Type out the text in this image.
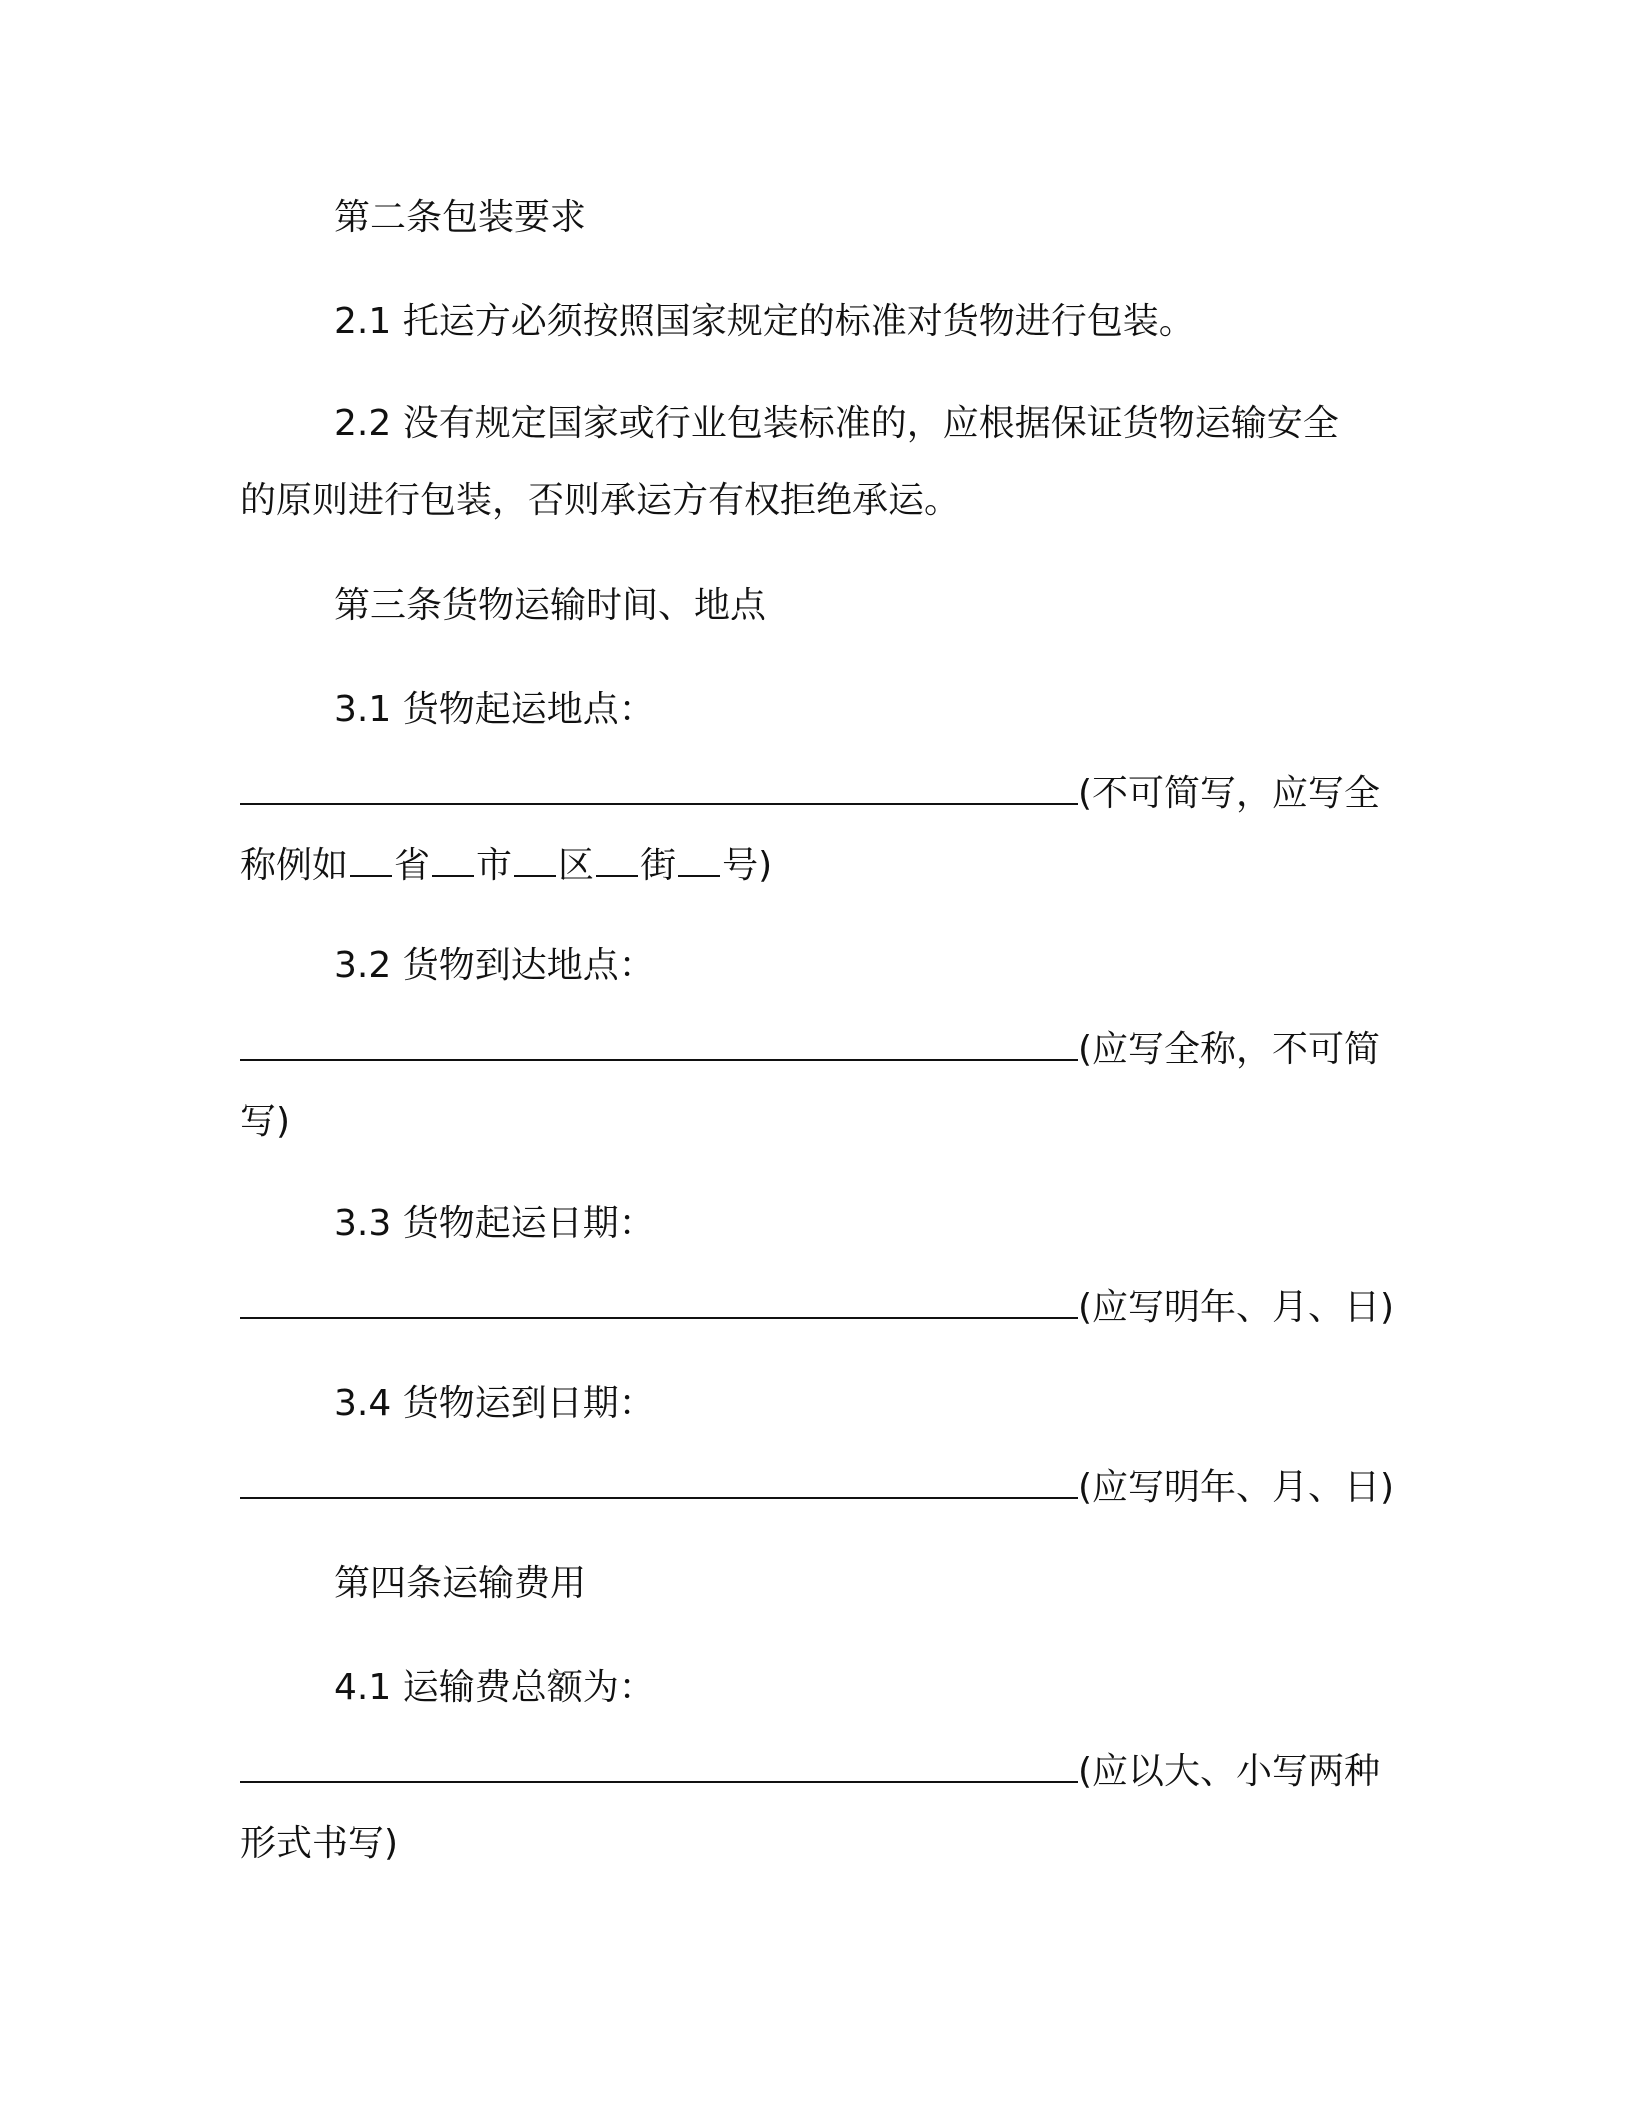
第二条包装要求
2.1 托运方必须按照国家规定的标准对货物进行包装。
2.2 没有规定国家或行业包装标准的，应根据保证货物运输安全
的原则进行包装，否则承运方有权拒绝承运。
第三条货物运输时间、地点
3.1 货物起运地点：
(不可简写，应写全
称例如 省 市 区 街 号)
3.2 货物到达地点：
(应写全称，不可简
写)
3.3 货物起运日期：
(应写明年、月、日)
3.4 货物运到日期：
(应写明年、月、日)
第四条运输费用
4.1 运输费总额为：
(应以大、小写两种
形式书写)
